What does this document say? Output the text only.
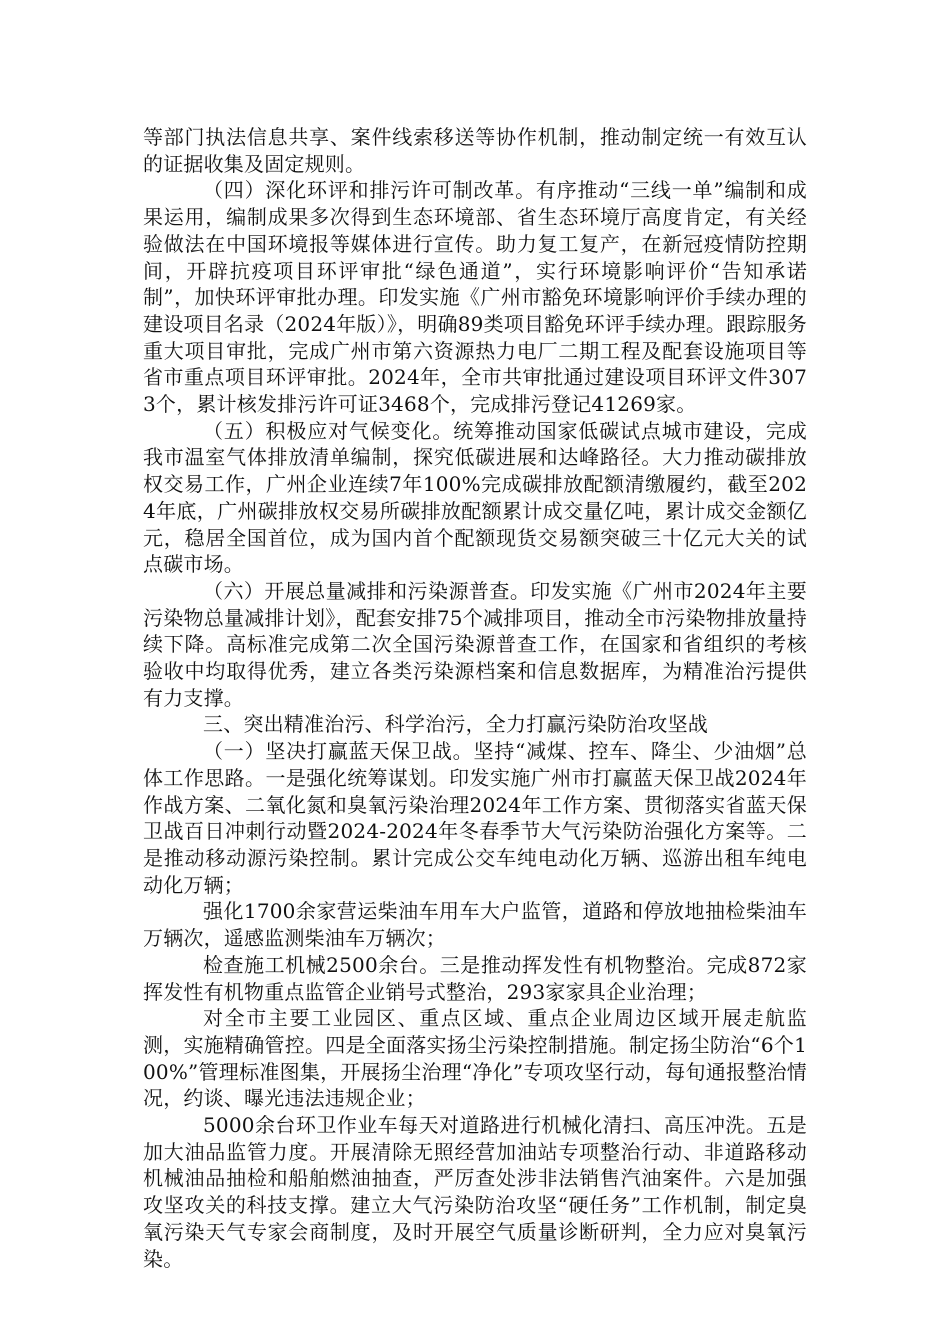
等部门执法信息共享、案件线索移送等协作机制，推动制定统一有效互认的证据收集及固定规则。

（四）深化环评和排污许可制改革。有序推动“三线一单”编制和成果运用，编制成果多次得到生态环境部、省生态环境厅高度肯定，有关经验做法在中国环境报等媒体进行宣传。助力复工复产，在新冠疫情防控期间，开辟抗疫项目环评审批“绿色通道”，实行环境影响评价“告知承诺制”，加快环评审批办理。印发实施《广州市豁免环境影响评价手续办理的建设项目名录（2024年版）》，明确89类项目豁免环评手续办理。跟踪服务重大项目审批，完成广州市第六资源热力电厂二期工程及配套设施项目等省市重点项目环评审批。2024年，全市共审批通过建设项目环评文件3073个，累计核发排污许可证3468个，完成排污登记41269家。

（五）积极应对气候变化。统筹推动国家低碳试点城市建设，完成我市温室气体排放清单编制，探究低碳进展和达峰路径。大力推动碳排放权交易工作，广州企业连续7年100%完成碳排放配额清缴履约，截至2024年底，广州碳排放权交易所碳排放配额累计成交量亿吨，累计成交金额亿元，稳居全国首位，成为国内首个配额现货交易额突破三十亿元大关的试点碳市场。

（六）开展总量减排和污染源普查。印发实施《广州市2024年主要污染物总量减排计划》，配套安排75个减排项目，推动全市污染物排放量持续下降。高标准完成第二次全国污染源普查工作，在国家和省组织的考核验收中均取得优秀，建立各类污染源档案和信息数据库，为精准治污提供有力支撑。

三、突出精准治污、科学治污，全力打赢污染防治攻坚战

（一）坚决打赢蓝天保卫战。坚持“减煤、控车、降尘、少油烟”总体工作思路。一是强化统筹谋划。印发实施广州市打赢蓝天保卫战2024年作战方案、二氧化氮和臭氧污染治理2024年工作方案、贯彻落实省蓝天保卫战百日冲刺行动暨2024-2024年冬春季节大气污染防治强化方案等。二是推动移动源污染控制。累计完成公交车纯电动化万辆、巡游出租车纯电动化万辆；

强化1700余家营运柴油车用车大户监管，道路和停放地抽检柴油车万辆次，遥感监测柴油车万辆次；

检查施工机械2500余台。三是推动挥发性有机物整治。完成872家挥发性有机物重点监管企业销号式整治，293家家具企业治理；

对全市主要工业园区、重点区域、重点企业周边区域开展走航监测，实施精确管控。四是全面落实扬尘污染控制措施。制定扬尘防治“6个100%”管理标准图集，开展扬尘治理“净化”专项攻坚行动，每旬通报整治情况，约谈、曝光违法违规企业；

5000余台环卫作业车每天对道路进行机械化清扫、高压冲洗。五是加大油品监管力度。开展清除无照经营加油站专项整治行动、非道路移动机械油品抽检和船舶燃油抽查，严厉查处涉非法销售汽油案件。六是加强攻坚攻关的科技支撑。建立大气污染防治攻坚“硬任务”工作机制，制定臭氧污染天气专家会商制度，及时开展空气质量诊断研判，全力应对臭氧污染。
